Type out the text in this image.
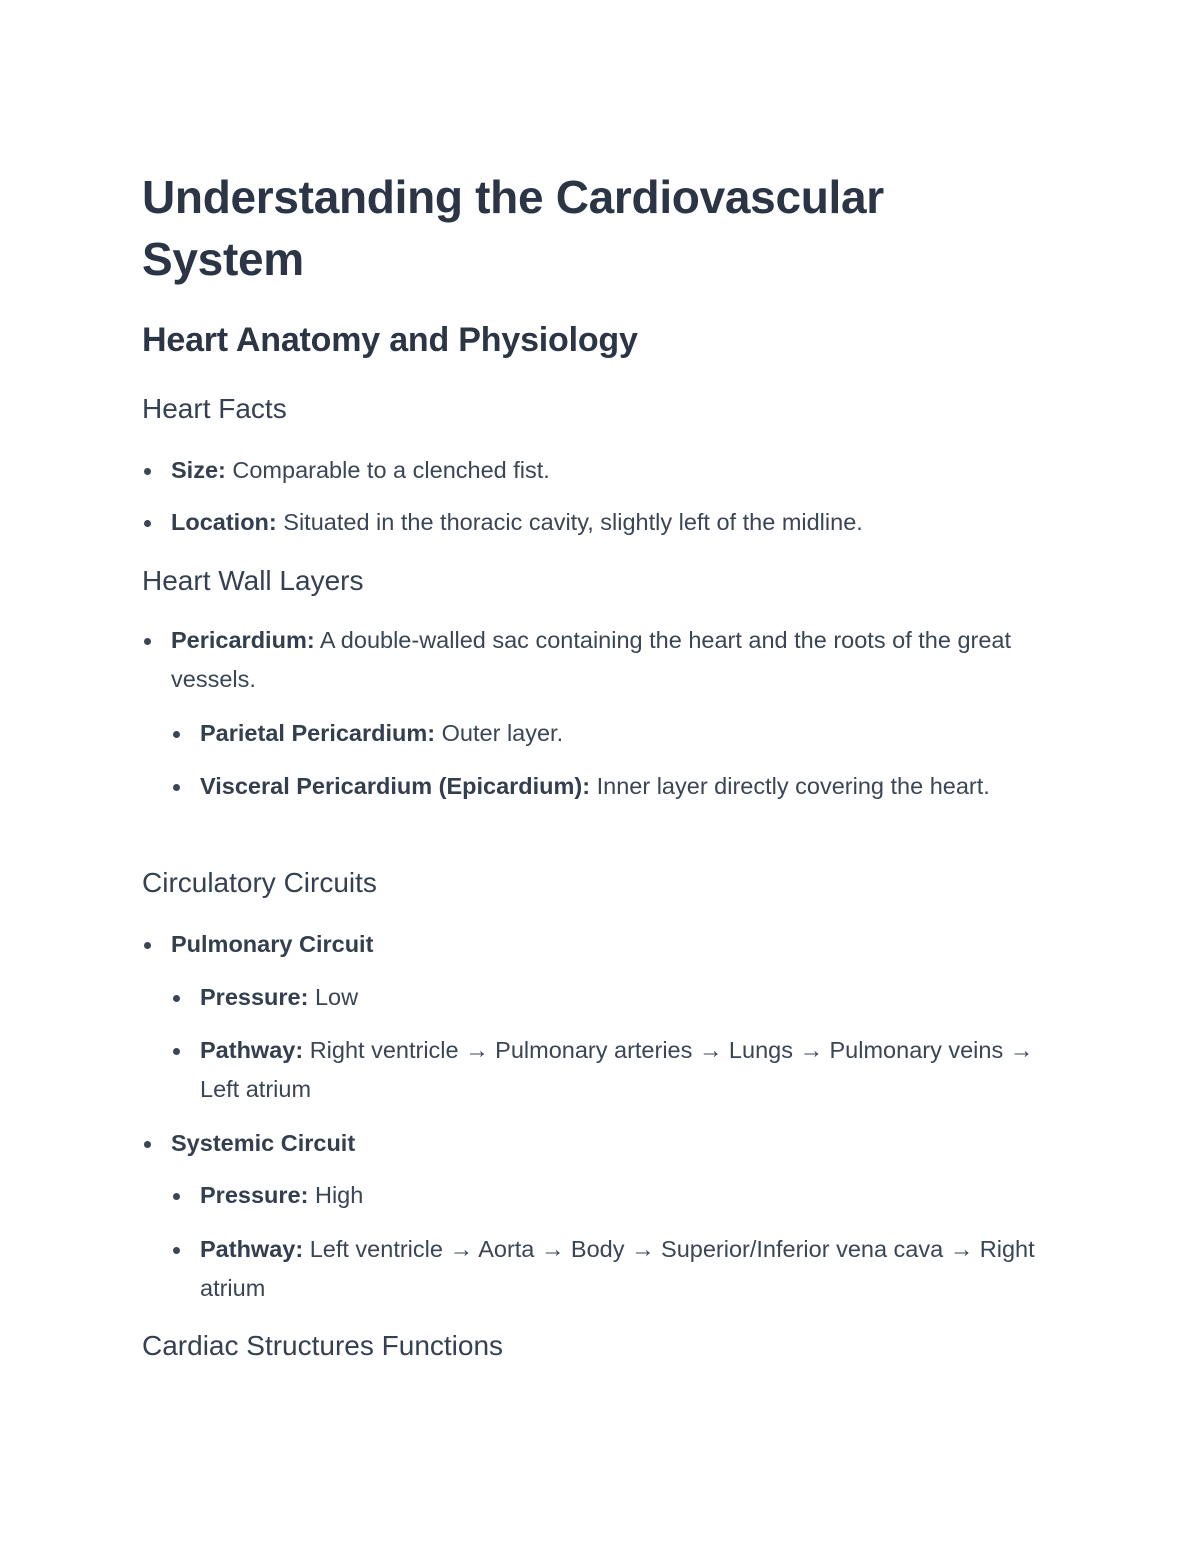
Understanding the Cardiovascular System
Heart Anatomy and Physiology
Heart Facts
Size: Comparable to a clenched fist.
Location: Situated in the thoracic cavity, slightly left of the midline.
Heart Wall Layers
Pericardium: A double-walled sac containing the heart and the roots of the great vessels.
Parietal Pericardium: Outer layer.
Visceral Pericardium (Epicardium): Inner layer directly covering the heart.
Circulatory Circuits
Pulmonary Circuit
Pressure: Low
Pathway: Right ventricle → Pulmonary arteries → Lungs → Pulmonary veins → Left atrium
Systemic Circuit
Pressure: High
Pathway: Left ventricle → Aorta → Body → Superior/Inferior vena cava → Right atrium
Cardiac Structures Functions
